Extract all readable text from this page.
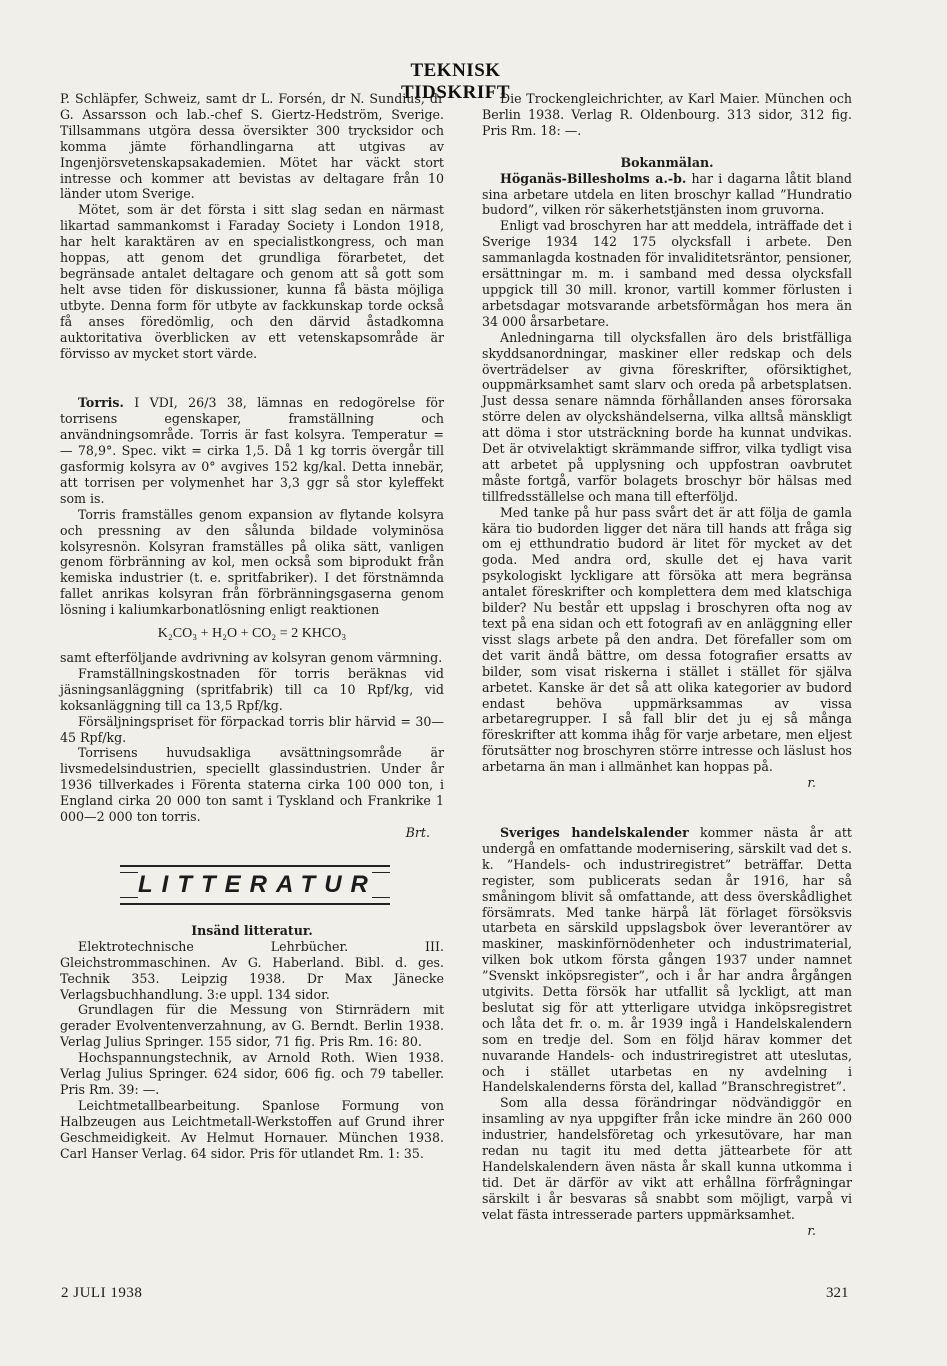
TEKNISK TIDSKRIFT

P. Schläpfer, Schweiz, samt dr L. Forsén, dr N. Sundius, dr G. Assarsson och lab.-chef S. Giertz-Hedström, Sverige. Tillsammans utgöra dessa översikter 300 trycksidor och komma jämte förhandlingarna att utgivas av Ingenjörsvetenskapsakademien. Mötet har väckt stort intresse och kommer att bevistas av deltagare från 10 länder utom Sverige.

Mötet, som är det första i sitt slag sedan en närmast likartad sammankomst i Faraday Society i London 1918, har helt karaktären av en specialistkongress, och man hoppas, att genom det grundliga förarbetet, det begränsade antalet deltagare och genom att så gott som helt avse tiden för diskussioner, kunna få bästa möjliga utbyte. Denna form för utbyte av fackkunskap torde också få anses föredömlig, och den därvid åstadkomna auktoritativa överblicken av ett vetenskapsområde är förvisso av mycket stort värde.

Torris. I VDI, 26/3 38, lämnas en redogörelse för torrisens egenskaper, framställning och användningsområde. Torris är fast kolsyra. Temperatur = — 78,9°. Spec. vikt = cirka 1,5. Då 1 kg torris övergår till gasformig kolsyra av 0° avgives 152 kg/kal. Detta innebär, att torrisen per volymenhet har 3,3 ggr så stor kyleffekt som is.

Torris framställes genom expansion av flytande kolsyra och pressning av den sålunda bildade volyminösa kolsyresnön. Kolsyran framställes på olika sätt, vanligen genom förbränning av kol, men också som biprodukt från kemiska industrier (t. e. spritfabriker). I det förstnämnda fallet anrikas kolsyran från förbränningsgaserna genom lösning i kaliumkarbonatlösning enligt reaktionen

K₂CO₃ + H₂O + CO₂ = 2 KHCO₃

samt efterföljande avdrivning av kolsyran genom värmning.

Framställningskostnaden för torris beräknas vid jäsningsanläggning (spritfabrik) till ca 10 Rpf/kg, vid koksanläggning till ca 13,5 Rpf/kg.

Försäljningspriset för förpackad torris blir härvid = 30—45 Rpf/kg.

Torrisens huvudsakliga avsättningsområde är livsmedelsindustrien, speciellt glassindustrien. Under år 1936 tillverkades i Förenta staterna cirka 100 000 ton, i England cirka 20 000 ton samt i Tyskland och Frankrike 1 000—2 000 ton torris.

Brt.

LITTERATUR

Insänd litteratur.

Elektrotechnische Lehrbücher. III. Gleichstrommaschinen. Av G. Haberland. Bibl. d. ges. Technik 353. Leipzig 1938. Dr Max Jänecke Verlagsbuchhandlung. 3:e uppl. 134 sidor.

Grundlagen für die Messung von Stirnrädern mit gerader Evolventenverzahnung, av G. Berndt. Berlin 1938. Verlag Julius Springer. 155 sidor, 71 fig. Pris Rm. 16: 80.

Hochspannungstechnik, av Arnold Roth. Wien 1938. Verlag Julius Springer. 624 sidor, 606 fig. och 79 tabeller. Pris Rm. 39: —.

Leichtmetallbearbeitung. Spanlose Formung von Halbzeugen aus Leichtmetall-Werkstoffen auf Grund ihrer Geschmeidigkeit. Av Helmut Hornauer. München 1938. Carl Hanser Verlag. 64 sidor. Pris för utlandet Rm. 1: 35.

Die Trockengleichrichter, av Karl Maier. München och Berlin 1938. Verlag R. Oldenbourg. 313 sidor, 312 fig. Pris Rm. 18: —.

Bokanmälan.

Höganäs-Billesholms a.-b. har i dagarna låtit bland sina arbetare utdela en liten broschyr kallad ”Hundratio budord”, vilken rör säkerhetstjänsten inom gruvorna.

Enligt vad broschyren har att meddela, inträffade det i Sverige 1934 142 175 olycksfall i arbete. Den sammanlagda kostnaden för invaliditetsräntor, pensioner, ersättningar m. m. i samband med dessa olycksfall uppgick till 30 mill. kronor, vartill kommer förlusten i arbetsdagar motsvarande arbetsförmågan hos mera än 34 000 årsarbetare.

Anledningarna till olycksfallen äro dels bristfälliga skyddsanordningar, maskiner eller redskap och dels överträdelser av givna föreskrifter, oförsiktighet, ouppmärksamhet samt slarv och oreda på arbetsplatsen. Just dessa senare nämnda förhållanden anses förorsaka större delen av olyckshändelserna, vilka alltså mänskligt att döma i stor utsträckning borde ha kunnat undvikas. Det är otvivelaktigt skrämmande siffror, vilka tydligt visa att arbetet på upplysning och uppfostran oavbrutet måste fortgå, varför bolagets broschyr bör hälsas med tillfredsställelse och mana till efterföljd.

Med tanke på hur pass svårt det är att följa de gamla kära tio budorden ligger det nära till hands att fråga sig om ej etthundratio budord är litet för mycket av det goda. Med andra ord, skulle det ej hava varit psykologiskt lyckligare att försöka att mera begränsa antalet föreskrifter och komplettera dem med klatschiga bilder? Nu består ett uppslag i broschyren ofta nog av text på ena sidan och ett fotografi av en anläggning eller visst slags arbete på den andra. Det förefaller som om det varit ändå bättre, om dessa fotografier ersatts av bilder, som visat riskerna i stället i stället för själva arbetet. Kanske är det så att olika kategorier av budord endast behöva uppmärksammas av vissa arbetaregrupper. I så fall blir det ju ej så många föreskrifter att komma ihåg för varje arbetare, men eljest förutsätter nog broschyren större intresse och läslust hos arbetarna än man i allmänhet kan hoppas på.

r.

Sveriges handelskalender kommer nästa år att undergå en omfattande modernisering, särskilt vad det s. k. ”Handels- och industriregistret” beträffar. Detta register, som publicerats sedan år 1916, har så småningom blivit så omfattande, att dess överskådlighet försämrats. Med tanke härpå lät förlaget försöksvis utarbeta en särskild uppslagsbok över leverantörer av maskiner, maskinförnödenheter och industrimaterial, vilken bok utkom första gången 1937 under namnet ”Svenskt inköpsregister”, och i år har andra årgången utgivits. Detta försök har utfallit så lyckligt, att man beslutat sig för att ytterligare utvidga inköpsregistret och låta det fr. o. m. år 1939 ingå i Handelskalendern som en tredje del. Som en följd härav kommer det nuvarande Handels- och industriregistret att uteslutas, och i stället utarbetas en ny avdelning i Handelskalenderns första del, kallad ”Branschregistret”.

Som alla dessa förändringar nödvändiggör en insamling av nya uppgifter från icke mindre än 260 000 industrier, handelsföretag och yrkesutövare, har man redan nu tagit itu med detta jättearbete för att Handelskalendern även nästa år skall kunna utkomma i tid. Det är därför av vikt att erhållna förfrågningar särskilt i år besvaras så snabbt som möjligt, varpå vi velat fästa intresserade parters uppmärksamhet.

r.

2 JULI 1938	321
